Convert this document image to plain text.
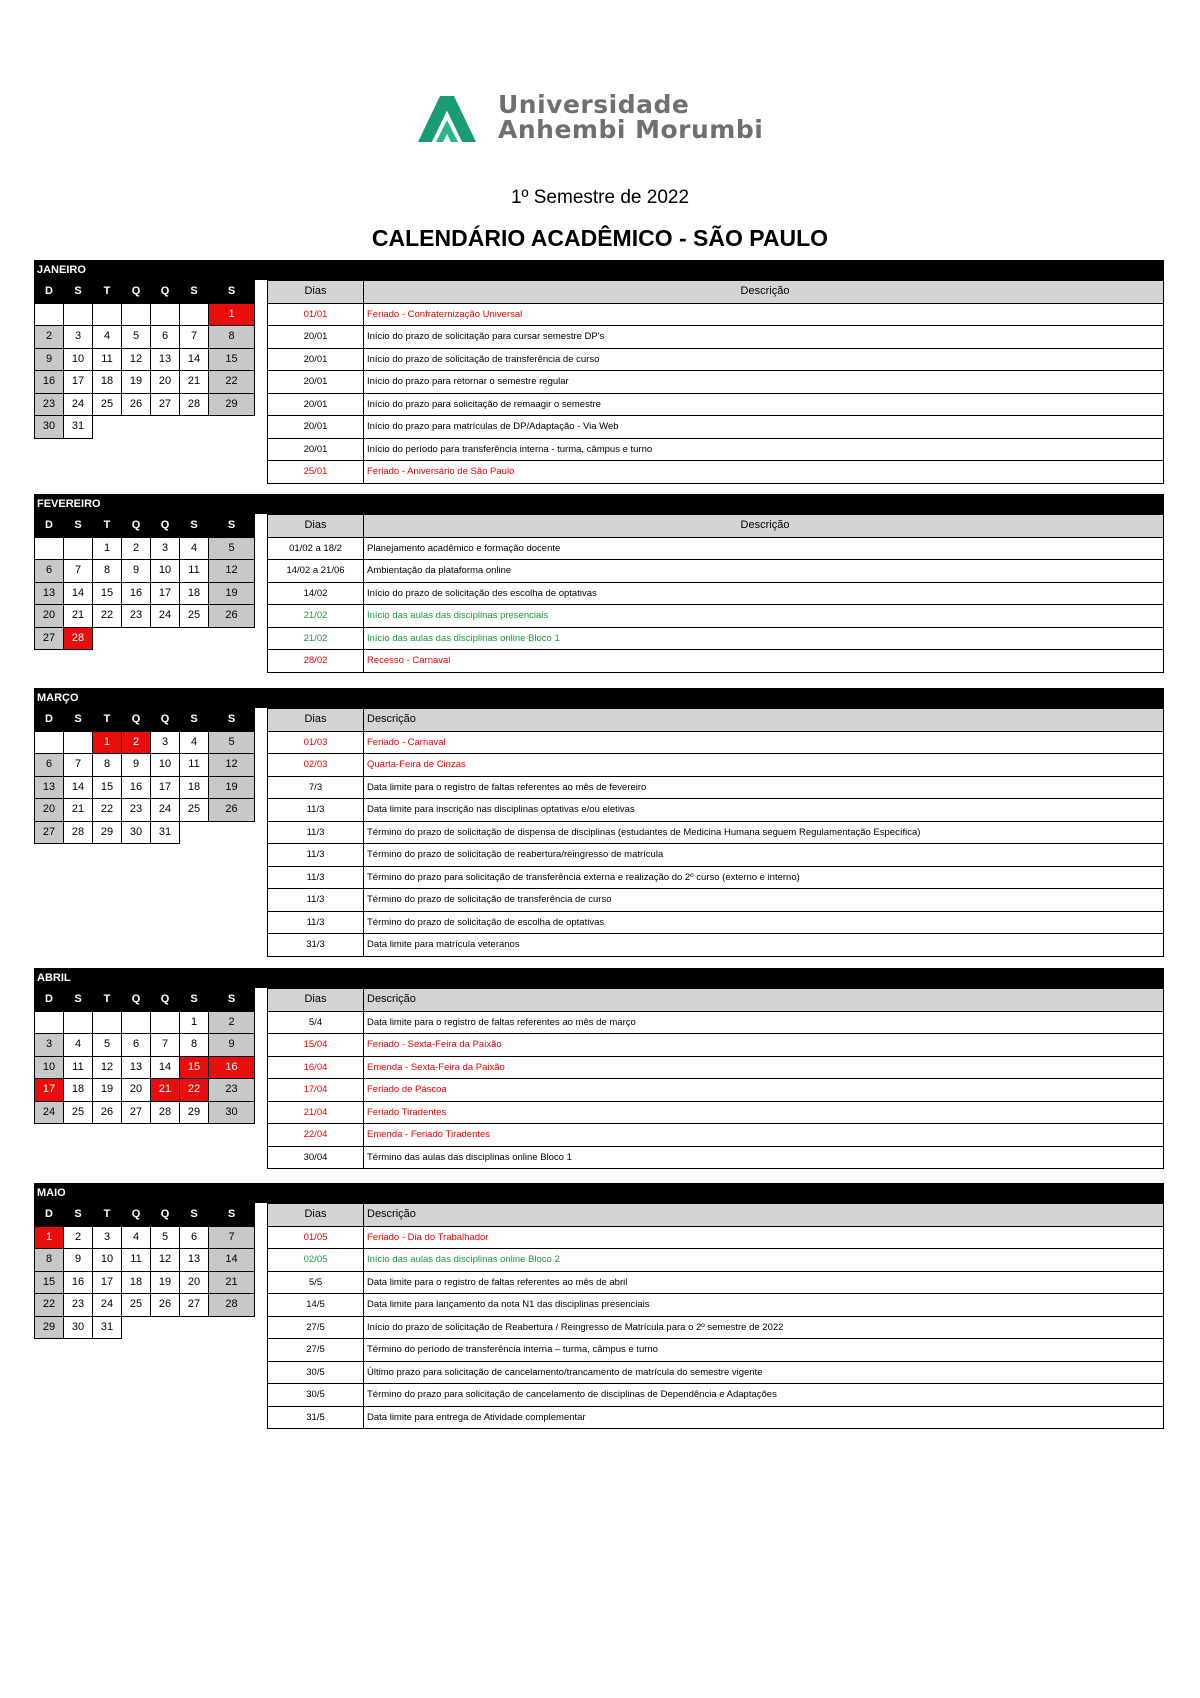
Universidade
Anhembi Morumbi
1º Semestre de 2022
CALENDÁRIO ACADÊMICO - SÃO PAULO
JANEIRO
D	S	T	Q	Q	S	S
						1
2	3	4	5	6	7	8
9	10	11	12	13	14	15
16	17	18	19	20	21	22
23	24	25	26	27	28	29
30	31					
Dias	Descrição
01/01	Feriado - Confraternização Universal
20/01	Início do prazo de solicitação para cursar semestre DP's
20/01	Início do prazo de solicitação de transferência de curso
20/01	Início do prazo para retornar o semestre regular
20/01	Início do prazo para solicitação de remaagir o semestre
20/01	Início do prazo para matrículas de DP/Adaptação - Via Web
20/01	Início do período para transferência interna - turma, câmpus e turno
25/01	Feriado - Aniversário de São Paulo
FEVEREIRO
D	S	T	Q	Q	S	S
		1	2	3	4	5
6	7	8	9	10	11	12
13	14	15	16	17	18	19
20	21	22	23	24	25	26
27	28					
Dias	Descrição
01/02 a 18/2	Planejamento acadêmico e formação docente
14/02 a 21/06	Ambientação da plataforma online
14/02	Início do prazo de solicitação des escolha de optativas
21/02	Início das aulas das disciplinas presenciais
21/02	Início das aulas das disciplinas online Bloco 1
28/02	Recesso - Carnaval
MARÇO
D	S	T	Q	Q	S	S
		1	2	3	4	5
6	7	8	9	10	11	12
13	14	15	16	17	18	19
20	21	22	23	24	25	26
27	28	29	30	31		
Dias	Descrição
01/03	Feriado - Carnaval
02/03	Quarta-Feira de Cinzas
7/3	Data limite para o registro de faltas referentes ao mês de fevereiro
11/3	Data limite para inscrição nas disciplinas optativas e/ou eletivas
11/3	Término do prazo de solicitação de dispensa de disciplinas (estudantes de Medicina Humana seguem Regulamentação Específica)
11/3	Término do prazo de solicitação de reabertura/reingresso de matrícula
11/3	Término do prazo para solicitação de transferência externa e realização do 2º curso (externo e interno)
11/3	Término do prazo de solicitação de transferência de curso
11/3	Término do prazo de solicitação de escolha de optativas
31/3	Data limite para matrícula veteranos
ABRIL
D	S	T	Q	Q	S	S
					1	2
3	4	5	6	7	8	9
10	11	12	13	14	15	16
17	18	19	20	21	22	23
24	25	26	27	28	29	30
Dias	Descrição
5/4	Data limite para o registro de faltas referentes ao mês de março
15/04	Feriado - Sexta-Feira da Paixão
16/04	Emenda - Sexta-Feira da Paixão
17/04	Feriado de Páscoa
21/04	Feriado Tiradentes
22/04	Emenda - Feriado Tiradentes
30/04	Término das aulas das disciplinas online Bloco 1
MAIO
D	S	T	Q	Q	S	S
1	2	3	4	5	6	7
8	9	10	11	12	13	14
15	16	17	18	19	20	21
22	23	24	25	26	27	28
29	30	31				
Dias	Descrição
01/05	Feriado - Dia do Trabalhador
02/05	Início das aulas das disciplinas online Bloco 2
5/5	Data limite para o registro de faltas referentes ao mês de abril
14/5	Data limite para lançamento da nota N1 das disciplinas presenciais
27/5	Início do prazo de solicitação de Reabertura / Reingresso de Matrícula para o 2º semestre de 2022
27/5	Término do período de transferência interna – turma, câmpus e turno
30/5	Último prazo para solicitação de cancelamento/trancamento de matrícula do semestre vigente
30/5	Término do prazo para solicitação de cancelamento de disciplinas de Dependência e Adaptações
31/5	Data limite para entrega de Atividade complementar
